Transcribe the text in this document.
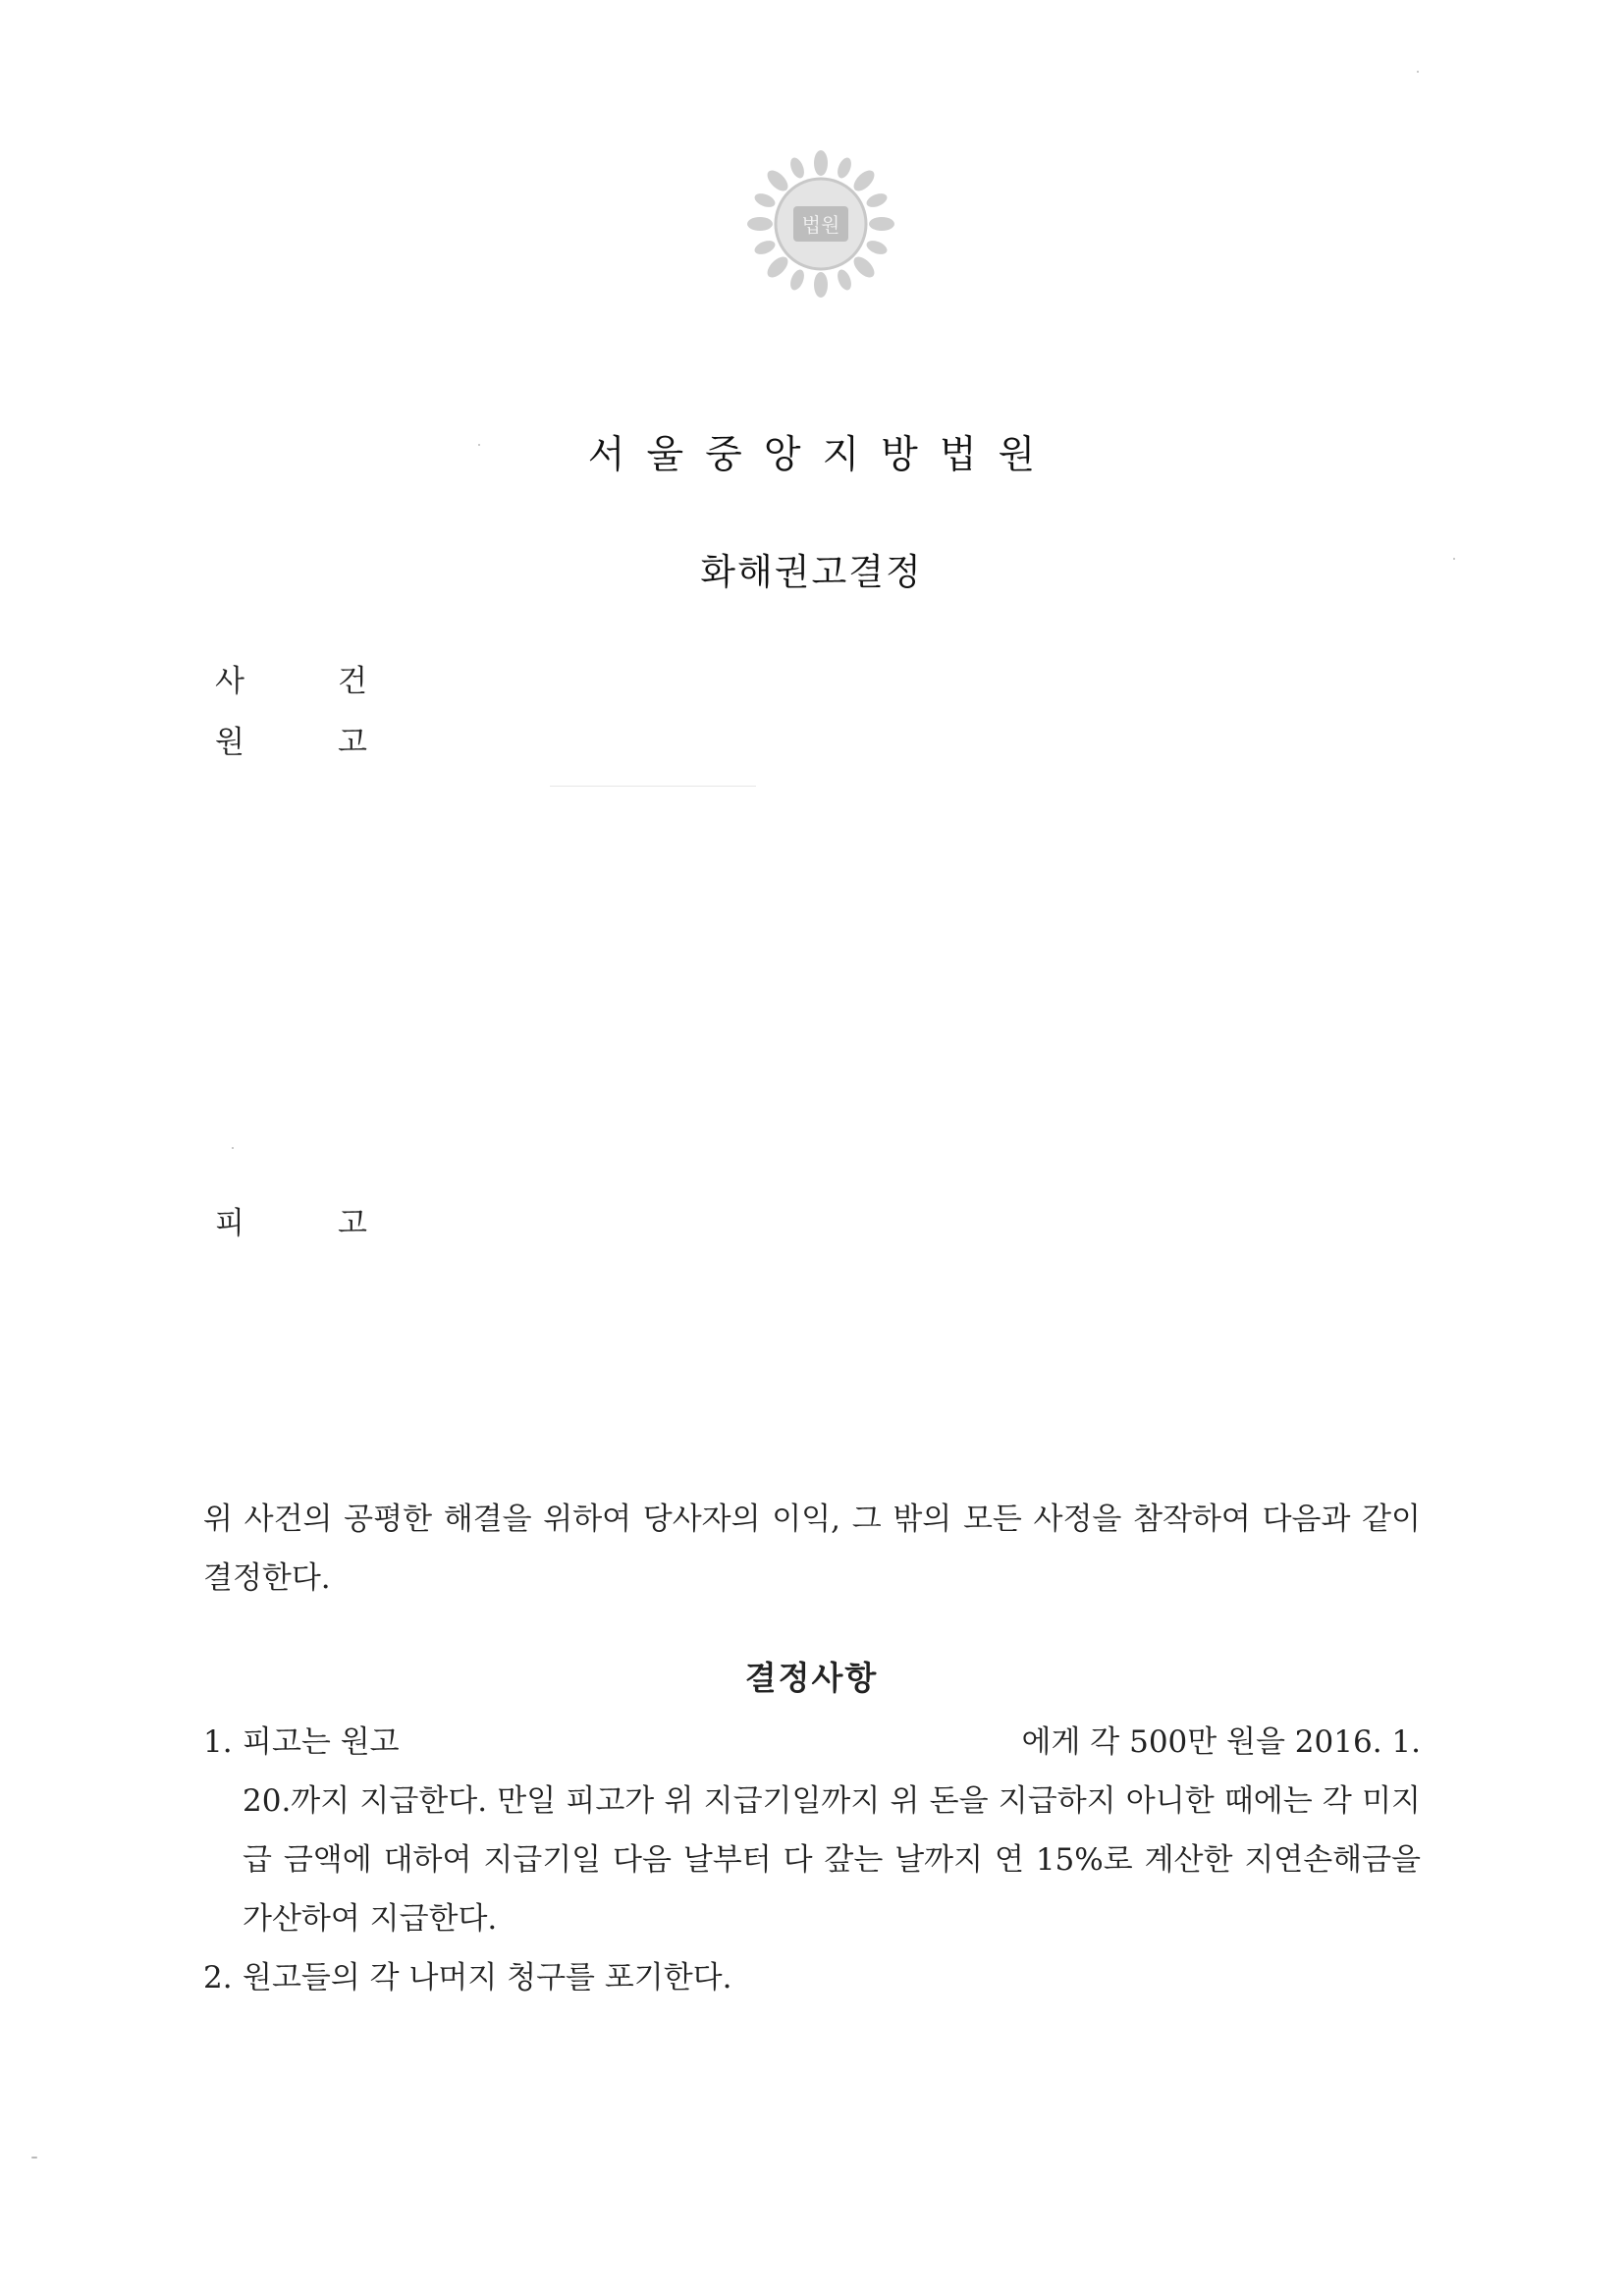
법원
서울중앙지방법원
화해권고결정
사	건
원	고
피	고
위 사건의 공평한 해결을 위하여 당사자의 이익, 그 밖의 모든 사정을 참작하여 다음과 같이 결정한다.
결정사항
1. 피고는 원고	에게 각 500만 원을 2016. 1.
20.까지 지급한다. 만일 피고가 위 지급기일까지 위 돈을 지급하지 아니한 때에는 각 미지급 금액에 대하여 지급기일 다음 날부터 다 갚는 날까지 연 15%로 계산한 지연손해금을 가산하여 지급한다.
2. 원고들의 각 나머지 청구를 포기한다.
